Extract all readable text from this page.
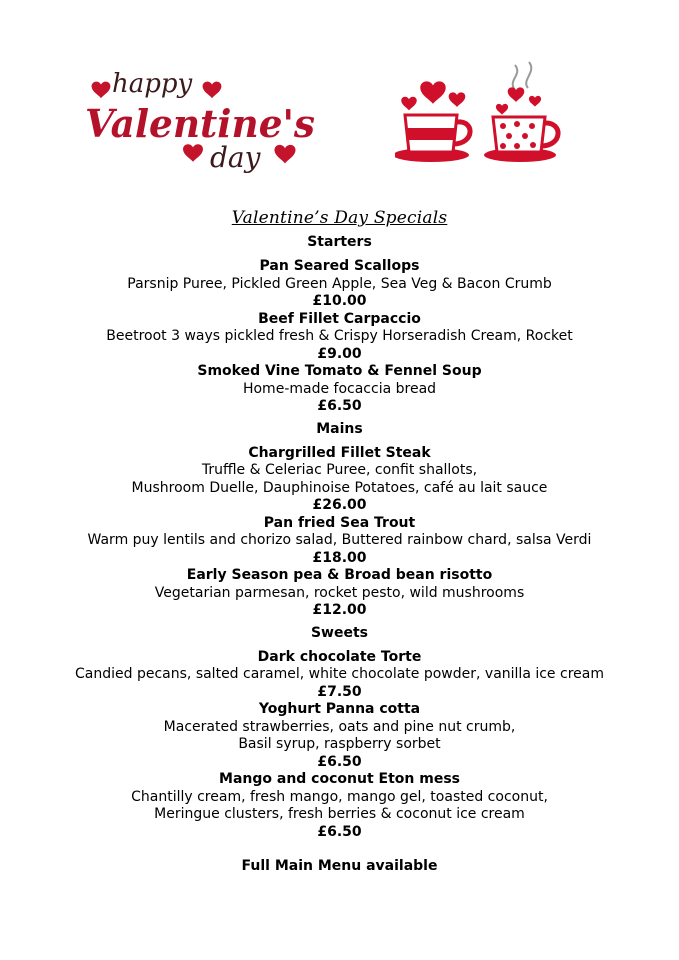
happy
Valentine's
day
Valentine’s Day Specials
Starters
Pan Seared Scallops
Parsnip Puree, Pickled Green Apple, Sea Veg & Bacon Crumb
£10.00
Beef Fillet Carpaccio
Beetroot 3 ways pickled fresh & Crispy Horseradish Cream, Rocket
£9.00
Smoked Vine Tomato & Fennel Soup
Home-made focaccia bread
£6.50
Mains
Chargrilled Fillet Steak
Truffle & Celeriac Puree, confit shallots,
Mushroom Duelle, Dauphinoise Potatoes, café au lait sauce
£26.00
Pan fried Sea Trout
Warm puy lentils and chorizo salad, Buttered rainbow chard, salsa Verdi
£18.00
Early Season pea & Broad bean risotto
Vegetarian parmesan, rocket pesto, wild mushrooms
£12.00
Sweets
Dark chocolate Torte
Candied pecans, salted caramel, white chocolate powder, vanilla ice cream
£7.50
Yoghurt Panna cotta
Macerated strawberries, oats and pine nut crumb,
Basil syrup, raspberry sorbet
£6.50
Mango and coconut Eton mess
Chantilly cream, fresh mango, mango gel, toasted coconut,
Meringue clusters, fresh berries & coconut ice cream
£6.50
Full Main Menu available
